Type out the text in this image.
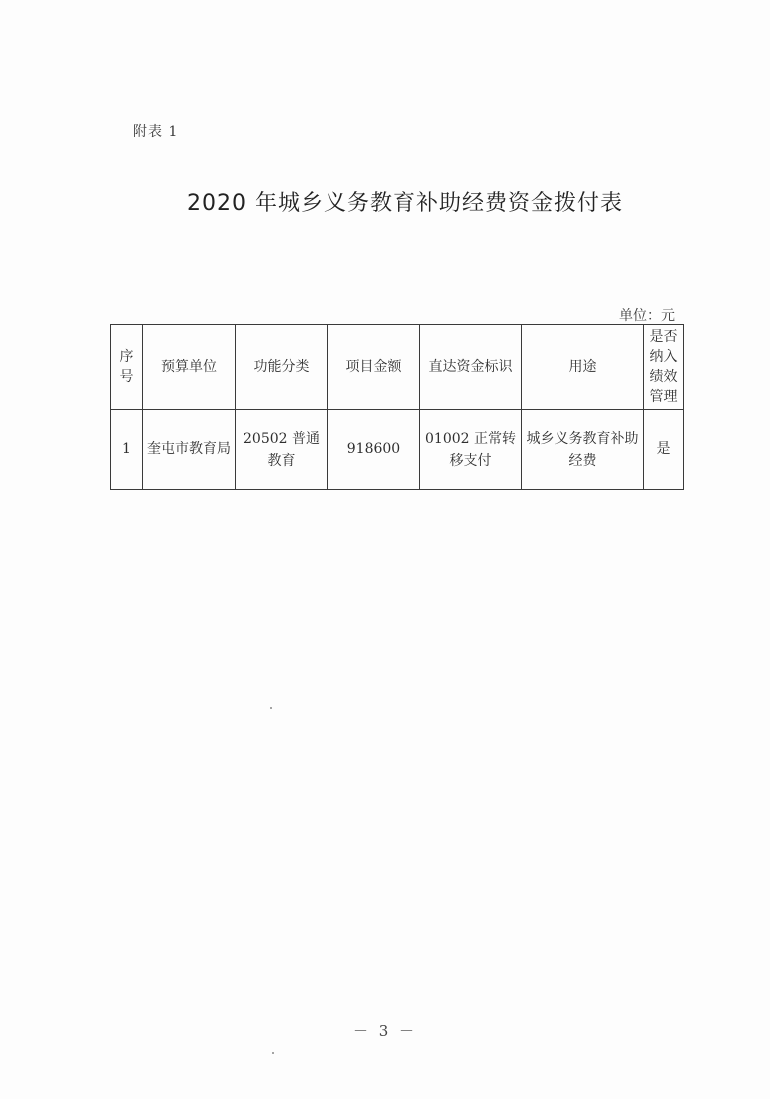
附表 1
2020 年城乡义务教育补助经费资金拨付表
单位：元
序号	预算单位	功能分类	项目金额	直达资金标识	用途	是否纳入绩效管理

1	奎屯市教育局	20502 普通教育	918600	01002 正常转移支付	城乡义务教育补助经费	是
－ 3 －
